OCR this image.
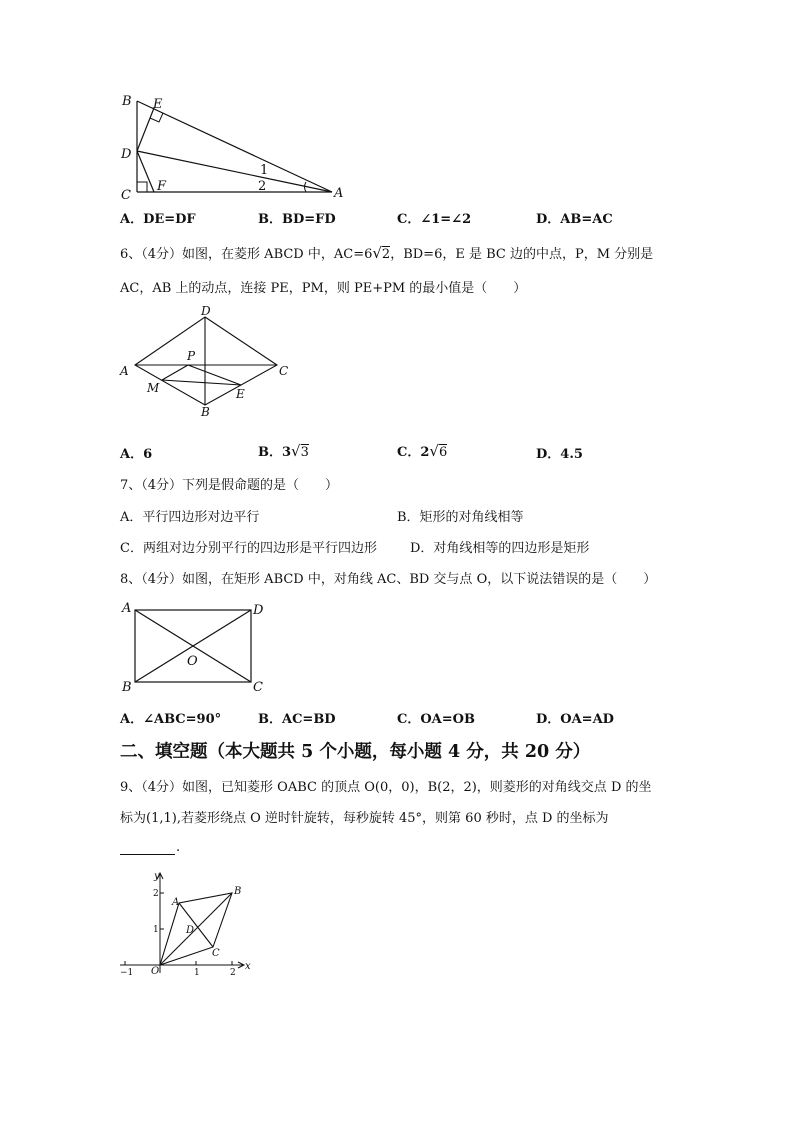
B E
D
C
F	A
1
2
A．DE=DF	B．BD=FD	C．∠1=∠2	D．AB=AC
6、（4分）如图，在菱形 ABCD 中，AC=6√2，BD=6，E 是 BC 边的中点，P，M 分别是
AC，AB 上的动点，连接 PE，PM，则 PE+PM 的最小值是（　　）
D
A	C
B
P
M	E
A．6	B．3√3	C．2√6	D．4.5
7、（4分）下列是假命题的是（　　）
A．平行四边形对边平行	B．矩形的对角线相等
C．两组对边分别平行的四边形是平行四边形	D．对角线相等的四边形是矩形
8、（4分）如图，在矩形 ABCD 中，对角线 AC、BD 交与点 O，以下说法错误的是（　　）
A	D
B	C
O
A．∠ABC=90°	B．AC=BD	C．OA=OB	D．OA=AD
二、填空题（本大题共 5 个小题，每小题 4 分，共 20 分）
9、（4分）如图，已知菱形 OABC 的顶点 O(0，0)，B(2，2)，则菱形的对角线交点 D 的坐
标为(1,1),若菱形绕点 O 逆时针旋转，每秒旋转 45°，则第 60 秒时，点 D 的坐标为
.
2
1
−1	1	2
y
x
O
A
B
C
D
